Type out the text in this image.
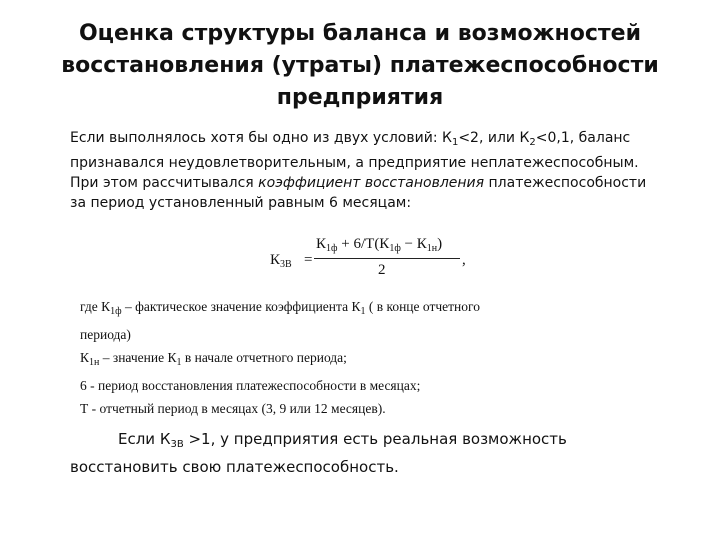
Оценка структуры баланса и возможностей
восстановления (утраты) платежеспособности
предприятия
Если выполнялось хотя бы одно из двух условий: $К_1<2$, или $К_2<0,1$, баланс
признавался неудовлетворительным, а предприятие неплатежеспособным.
При этом рассчитывался коэффициент восстановления платежеспособности
за период установленный равным 6 месяцам:
$К_{3В}$ =
$К_{1ф} + 6/Т(К_{1ф} - К_{1н})$
2
,
где $К_{1ф}$ – фактическое значение коэффициента $К_1$ ( в конце отчетного
периода)
$К_{1н}$ – значение $К_1$ в начале отчетного периода;
6 - период восстановления платежеспособности в месяцах;
Т - отчетный период в месяцах (3, 9 или 12 месяцев).
Если $К_{3В} >1$, у предприятия есть реальная возможность
восстановить свою платежеспособность.
